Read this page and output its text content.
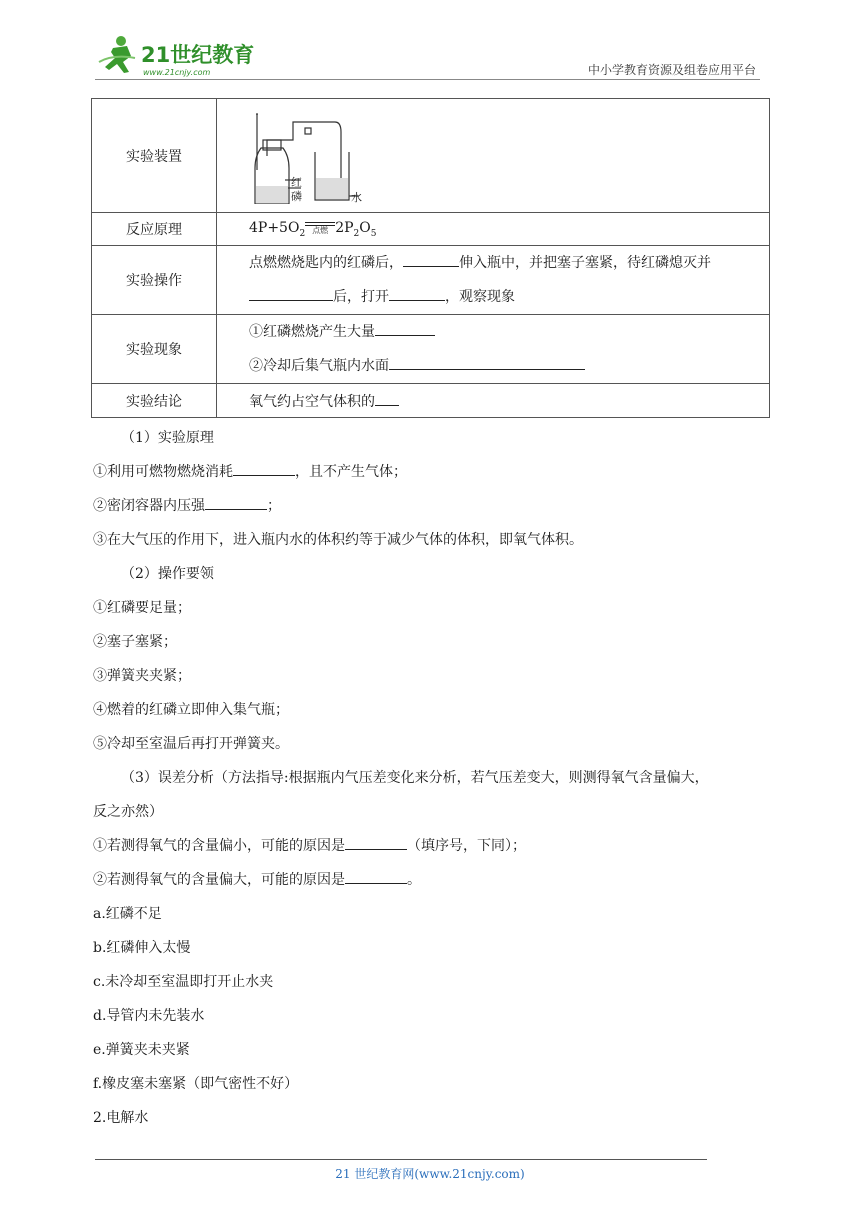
21世纪教育
www.21cnjy.com	中小学教育资源及组卷应用平台
实验装置	红
磷 水

反应原理	$4P+5O_2$ 点燃 $2P_2O_5$
实验操作	点燃燃烧匙内的红磷后， 伸入瓶中，并把塞子塞紧，待红磷熄灭并
后，打开 ，观察现象

实验现象	①红磷燃烧产生大量
②冷却后集气瓶内水面

实验结论	氧气约占空气体积的

（1）实验原理

①利用可燃物燃烧消耗	，且不产生气体；

②密闭容器内压强	；

③在大气压的作用下，进入瓶内水的体积约等于减少气体的体积，即氧气体积。

（2）操作要领

①红磷要足量；

②塞子塞紧；

③弹簧夹夹紧；

④燃着的红磷立即伸入集气瓶；

⑤冷却至室温后再打开弹簧夹。

（3）误差分析（方法指导:根据瓶内气压差变化来分析，若气压差变大，则测得氧气含量偏大，

反之亦然）

①若测得氧气的含量偏小，可能的原因是	（填序号，下同）；

②若测得氧气的含量偏大，可能的原因是	。

a.红磷不足

b.红磷伸入太慢

c.未冷却至室温即打开止水夹

d.导管内未先装水

e.弹簧夹未夹紧

f.橡皮塞未塞紧（即气密性不好）

2.电解水

21 世纪教育网(www.21cnjy.com)
